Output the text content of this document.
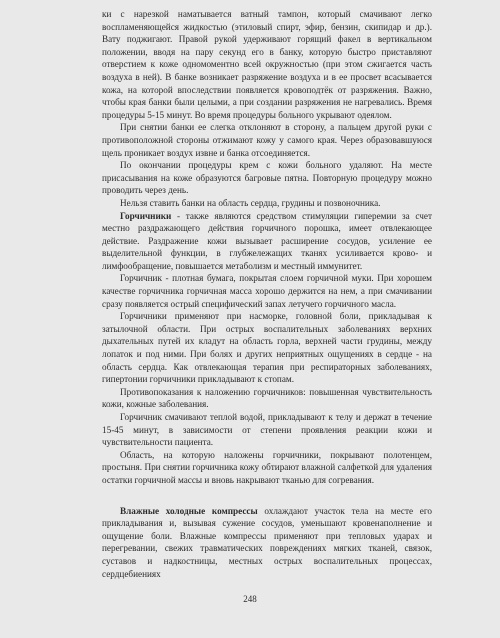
ки с нарезкой наматывается ватный тампон, который смачивают легко воспламеняющейся жидкостью (этиловый спирт, эфир, бензин, скипидар и др.). Вату поджигают. Правой рукой удерживают горящий факел в вертикальном положении, вводя на пару секунд его в банку, которую быстро приставляют отверстием к коже одномоментно всей окружностью (при этом сжигается часть воздуха в ней). В банке возникает разряжение воздуха и в ее просвет всасывается кожа, на которой впоследствии появляется кровоподтёк от разряжения. Важно, чтобы края банки были целыми, а при создании разряжения не нагревались. Время процедуры 5-15 минут. Во время процедуры больного укрывают одеялом.

При снятии банки ее слегка отклоняют в сторону, а пальцем другой руки с противоположной стороны отжимают кожу у самого края. Через образовавшуюся щель проникает воздух извне и банка отсоединяется.

По окончании процедуры крем с кожи больного удаляют. На месте присасывания на коже образуются багровые пятна. Повторную процедуру можно проводить через день.

Нельзя ставить банки на область сердца, грудины и позвоночника.

Горчичники - также являются средством стимуляции гиперемии за счет местно раздражающего действия горчичного порошка, имеет отвлекающее действие. Раздражение кожи вызывает расширение сосудов, усиление ее выделительной функции, в глубжележащих тканях усиливается крово- и лимфообращение, повышается метаболизм и местный иммунитет.

Горчичник - плотная бумага, покрытая слоем горчичной муки. При хорошем качестве горчичника горчичная масса хорошо держится на нем, а при смачивании сразу появляется острый специфический запах летучего горчичного масла.

Горчичники применяют при насморке, головной боли, прикладывая к затылочной области. При острых воспалительных заболеваниях верхних дыхательных путей их кладут на область горла, верхней части грудины, между лопаток и под ними. При болях и других неприятных ощущениях в сердце - на область сердца. Как отвлекающая терапия при респираторных заболеваниях, гипертонии горчичники прикладывают к стопам.

Противопоказания к наложению горчичников: повышенная чувствительность кожи, кожные заболевания.

Горчичник смачивают теплой водой, прикладывают к телу и держат в течение 15-45 минут, в зависимости от степени проявления реакции кожи и чувствительности пациента.

Область, на которую наложены горчичники, покрывают полотенцем, простыня. При снятии горчичника кожу обтирают влажной салфеткой для удаления остатки горчичной массы и вновь накрывают тканью для согревания.

Влажные холодные компрессы охлаждают участок тела на месте его прикладывания и, вызывая сужение сосудов, уменьшают кровенаполнение и ощущение боли. Влажные компрессы применяют при тепловых ударах и перегревании, свежих травматических повреждениях мягких тканей, связок, суставов и надкостницы, местных острых воспалительных процессах, сердцебиениях

248
